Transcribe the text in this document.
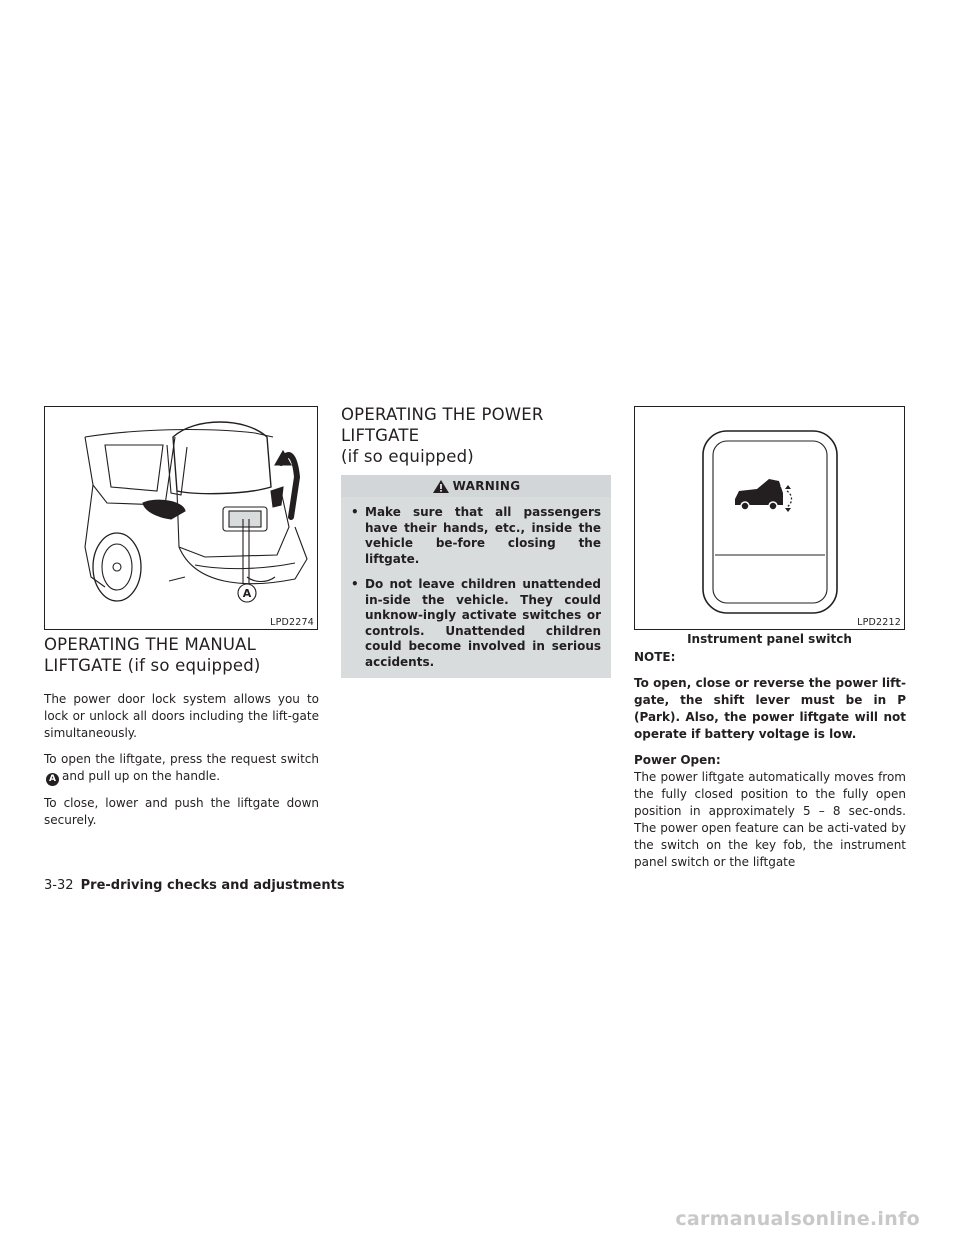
A
LPD2274
OPERATING THE MANUAL
LIFTGATE (if so equipped)

The power door lock system allows you to lock or unlock all doors including the lift-gate simultaneously.

To open the liftgate, press the request switchA and pull up on the handle.

To close, lower and push the liftgate down securely.

OPERATING THE POWER LIFTGATE
(if so equipped)
WARNING
• Make sure that all passengers have their hands, etc., inside the vehicle be-fore closing the liftgate.
• Do not leave children unattended in-side the vehicle. They could unknow-ingly activate switches or controls. Unattended children could become involved in serious accidents.
LPD2212
Instrument panel switch

NOTE:

To open, close or reverse the power lift-gate, the shift lever must be in P (Park). Also, the power liftgate will not operate if battery voltage is low.

Power Open:

The power liftgate automatically moves from the fully closed position to the fully open position in approximately 5 – 8 sec-onds. The power open feature can be acti-vated by the switch on the key fob, the instrument panel switch or the liftgate

3-32 Pre-driving checks and adjustments
carmanualsonline.info
